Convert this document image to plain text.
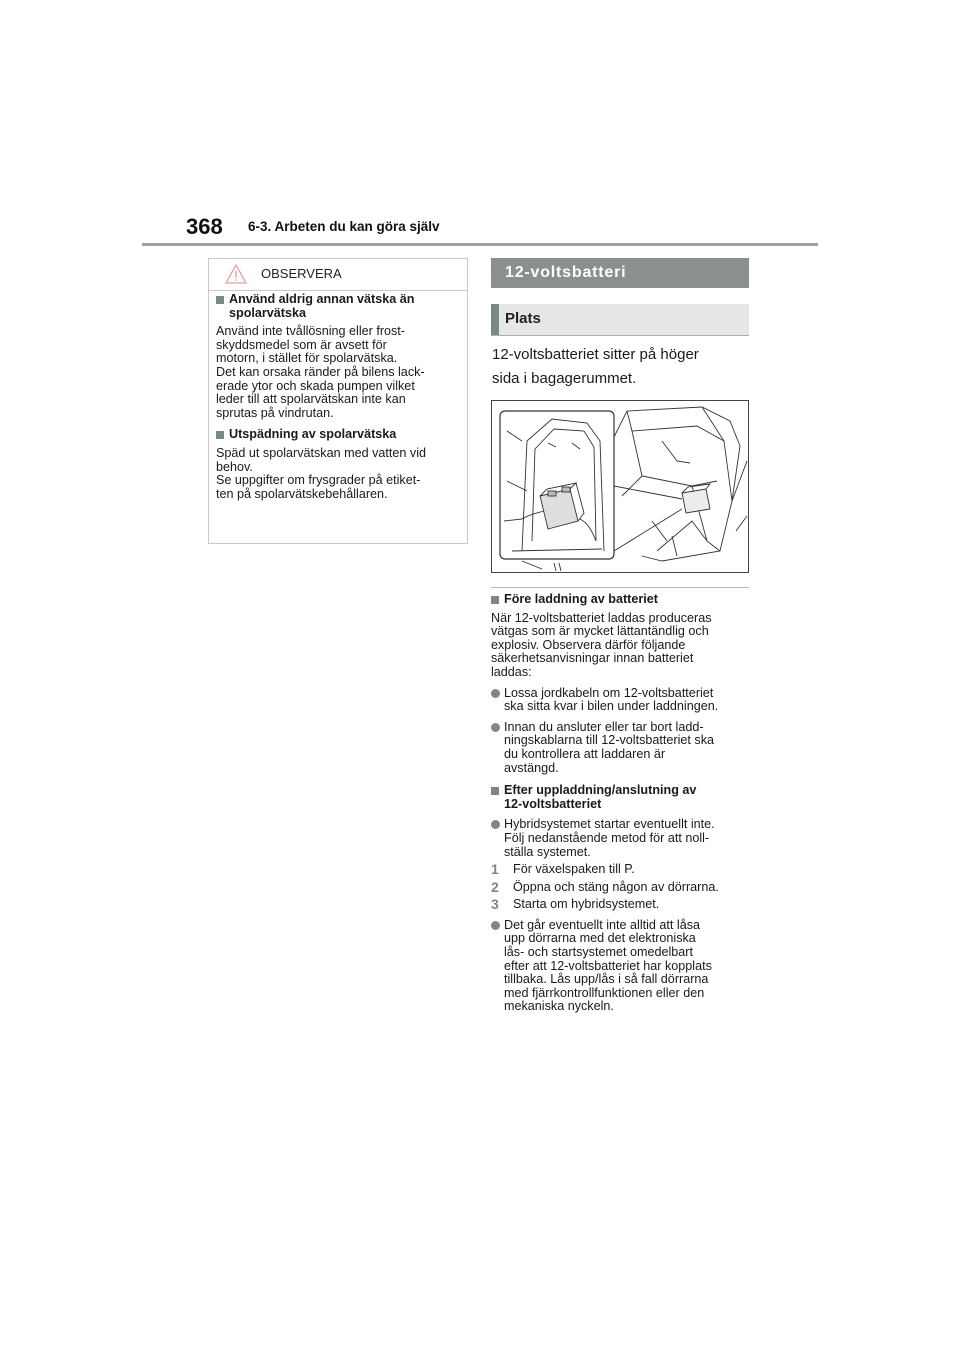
368 6-3. Arbeten du kan göra själv
OBSERVERA
Använd aldrig annan vätska än
spolarvätska

Använd inte tvållösning eller frost-
skyddsmedel som är avsett för
motorn, i stället för spolarvätska.
Det kan orsaka ränder på bilens lack-
erade ytor och skada pumpen vilket
leder till att spolarvätskan inte kan
sprutas på vindrutan.

Utspädning av spolarvätska

Späd ut spolarvätskan med vatten vid
behov.
Se uppgifter om frysgrader på etiket-
ten på spolarvätskebehållaren.

12-voltsbatteri
Plats

12-voltsbatteriet sitter på höger
sida i bagagerummet.

Före laddning av batteriet

När 12-voltsbatteriet laddas produceras
vätgas som är mycket lättantändlig och
explosiv. Observera därför följande
säkerhetsanvisningar innan batteriet
laddas:

Lossa jordkabeln om 12-voltsbatteriet
ska sitta kvar i bilen under laddningen.
Innan du ansluter eller tar bort ladd-
ningskablarna till 12-voltsbatteriet ska
du kontrollera att laddaren är
avstängd.
Efter uppladdning/anslutning av
12-voltsbatteriet
Hybridsystemet startar eventuellt inte.
Följ nedanstående metod för att noll-
ställa systemet.
1	För växelspaken till P.
2	Öppna och stäng någon av dörrarna.
3	Starta om hybridsystemet.
Det går eventuellt inte alltid att låsa
upp dörrarna med det elektroniska
lås- och startsystemet omedelbart
efter att 12-voltsbatteriet har kopplats
tillbaka. Lås upp/lås i så fall dörrarna
med fjärrkontrollfunktionen eller den
mekaniska nyckeln.
